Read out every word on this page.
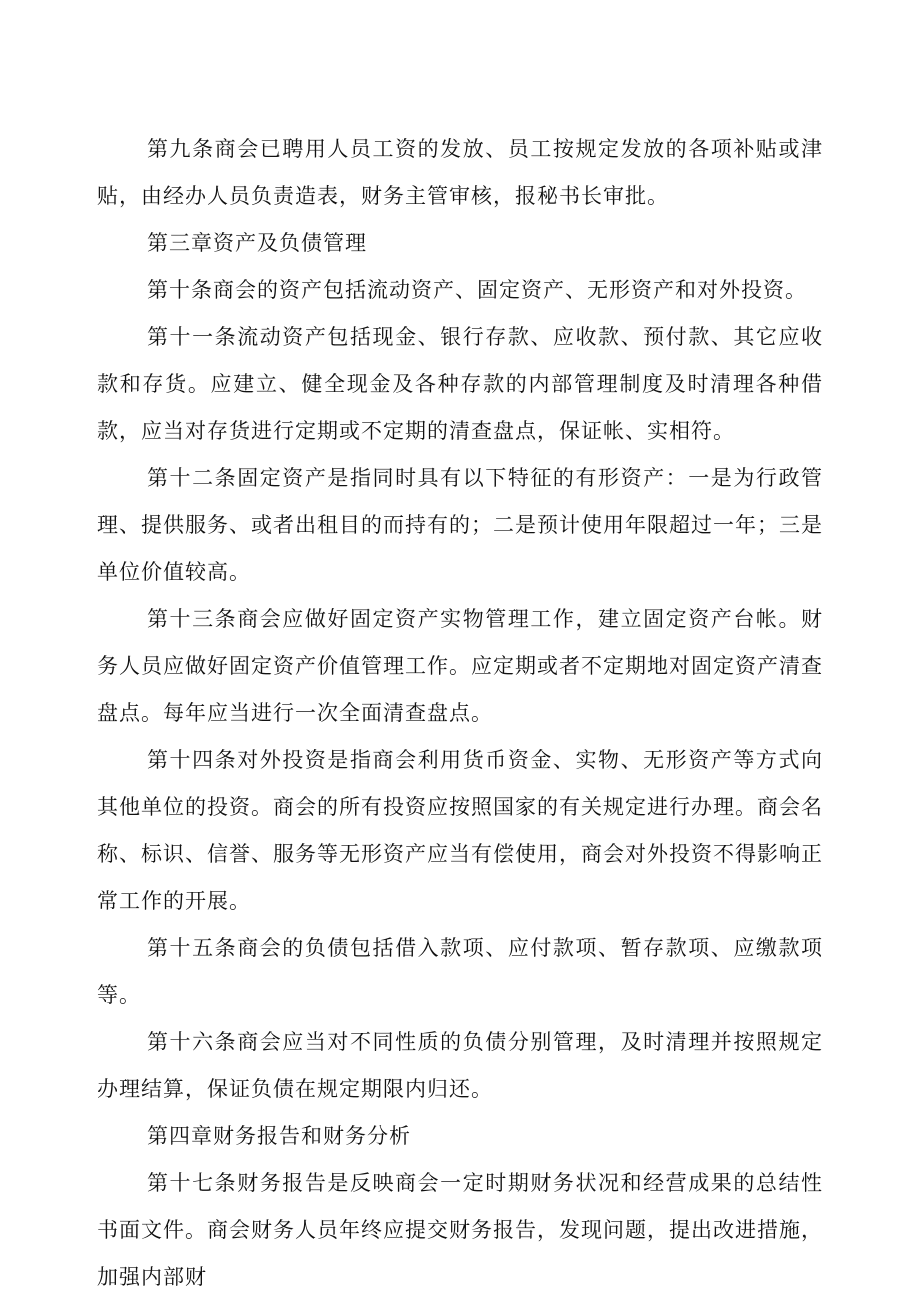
第九条商会已聘用人员工资的发放、员工按规定发放的各项补贴或津贴，由经办人员负责造表，财务主管审核，报秘书长审批。

第三章资产及负债管理

第十条商会的资产包括流动资产、固定资产、无形资产和对外投资。

第十一条流动资产包括现金、银行存款、应收款、预付款、其它应收款和存货。应建立、健全现金及各种存款的内部管理制度及时清理各种借款，应当对存货进行定期或不定期的清查盘点，保证帐、实相符。

第十二条固定资产是指同时具有以下特征的有形资产：一是为行政管理、提供服务、或者出租目的而持有的；二是预计使用年限超过一年；三是单位价值较高。

第十三条商会应做好固定资产实物管理工作，建立固定资产台帐。财务人员应做好固定资产价值管理工作。应定期或者不定期地对固定资产清查盘点。每年应当进行一次全面清查盘点。

第十四条对外投资是指商会利用货币资金、实物、无形资产等方式向其他单位的投资。商会的所有投资应按照国家的有关规定进行办理。商会名称、标识、信誉、服务等无形资产应当有偿使用，商会对外投资不得影响正常工作的开展。

第十五条商会的负债包括借入款项、应付款项、暂存款项、应缴款项等。

第十六条商会应当对不同性质的负债分别管理，及时清理并按照规定办理结算，保证负债在规定期限内归还。

第四章财务报告和财务分析

第十七条财务报告是反映商会一定时期财务状况和经营成果的总结性书面文件。商会财务人员年终应提交财务报告，发现问题，提出改进措施，加强内部财
